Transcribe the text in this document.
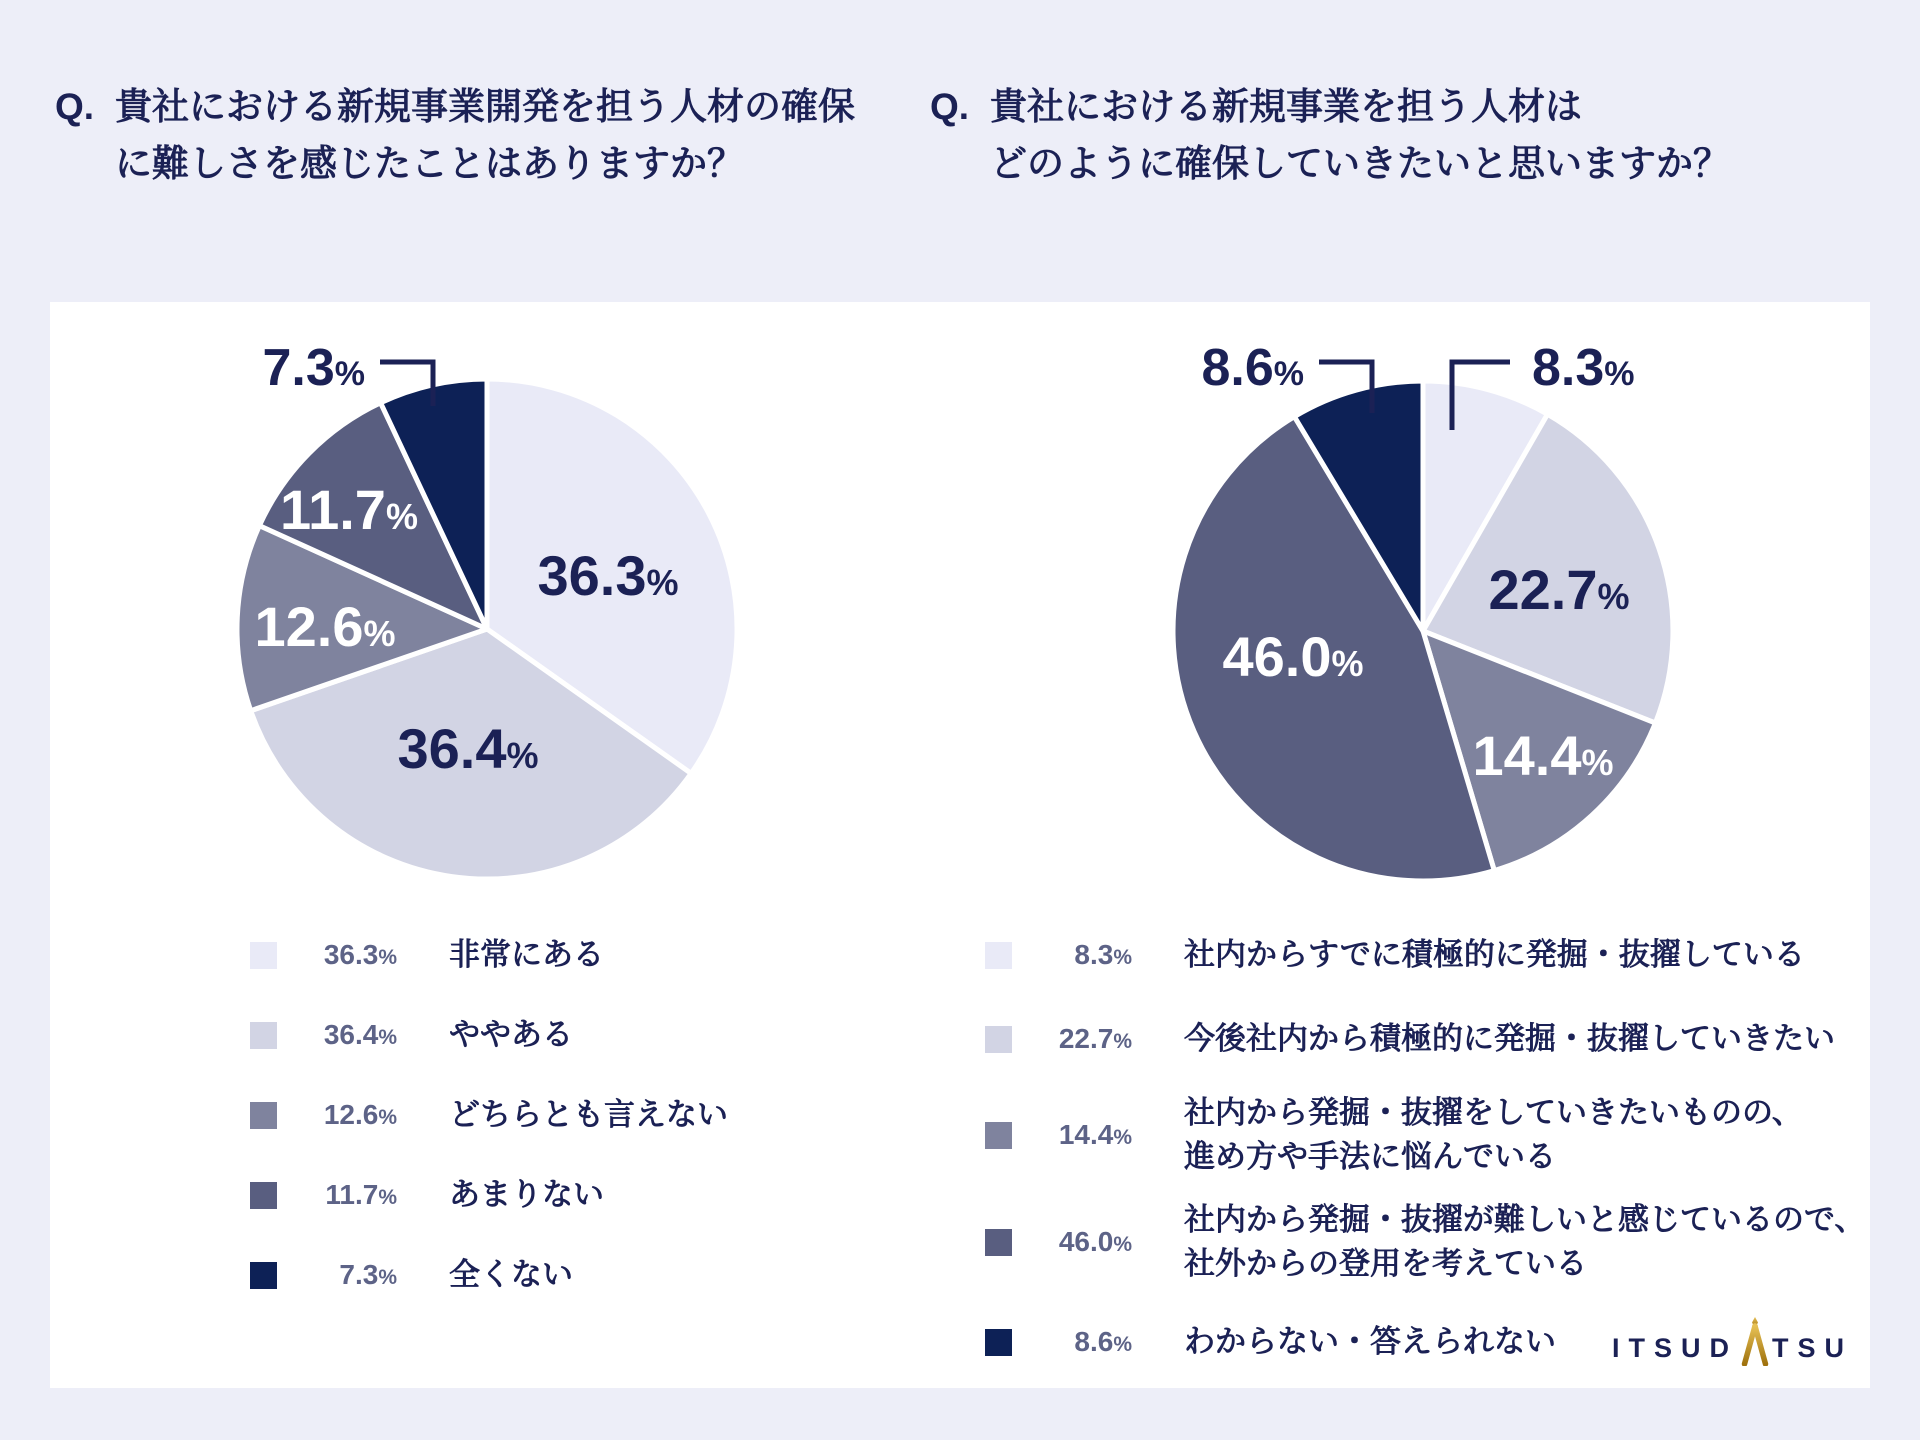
Q. 貴社における新規事業開発を担う人材の確保
に難しさを感じたことはありますか？
Q. 貴社における新規事業を担う人材は
どのように確保していきたいと思いますか？
36.3%
36.4%
12.6%
11.7%
7.3%	8.3%
22.7%
14.4%
46.0%
8.6%
36.3% 非常にある
36.4% ややある
12.6% どちらとも言えない
11.7% あまりない
7.3% 全くない
8.3% 社内からすでに積極的に発掘・抜擢している
22.7% 今後社内から積極的に発掘・抜擢していきたい
14.4%
社内から発掘・抜擢をしていきたいものの、
進め方や手法に悩んでいる
46.0%
社内から発掘・抜擢が難しいと感じているので、
社外からの登用を考えている
8.6% わからない・答えられない ITSUD TSU
